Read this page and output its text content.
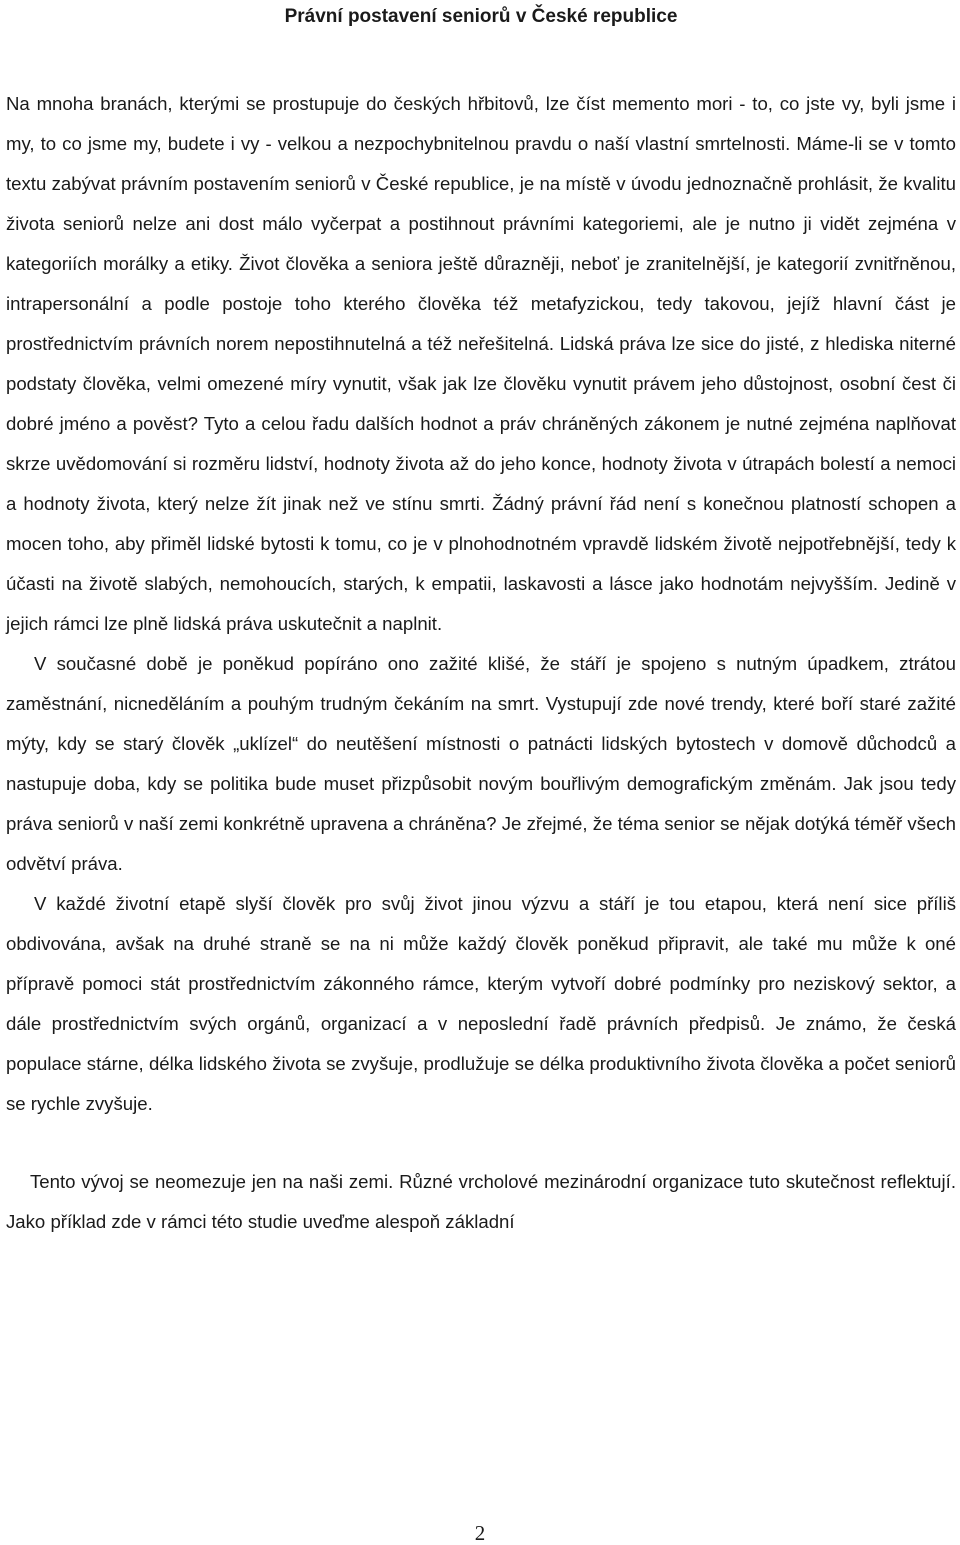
Právní postavení seniorů v České republice

Na mnoha branách, kterými se prostupuje do českých hřbitovů, lze číst memento mori - to, co jste vy, byli jsme i my, to co jsme my, budete i vy - velkou a nezpochybnitelnou pravdu o naší vlastní smrtelnosti. Máme-li se v tomto textu zabývat právním postavením seniorů v České republice, je na místě v úvodu jednoznačně prohlásit, že kvalitu života seniorů nelze ani dost málo vyčerpat a postihnout právními kategoriemi, ale je nutno ji vidět zejména v kategoriích morálky a etiky. Život člověka a seniora ještě důrazněji, neboť je zranitelnější, je kategorií zvnitřněnou, intrapersonální a podle postoje toho kterého člověka též metafyzickou, tedy takovou, jejíž hlavní část je prostřednictvím právních norem nepostihnutelná a též neřešitelná. Lidská práva lze sice do jisté, z hlediska niterné podstaty člověka, velmi omezené míry vynutit, však jak lze člověku vynutit právem jeho důstojnost, osobní čest či dobré jméno a pověst? Tyto a celou řadu dalších hodnot a práv chráněných zákonem je nutné zejména naplňovat skrze uvědomování si rozměru lidství, hodnoty života až do jeho konce, hodnoty života v útrapách bolestí a nemoci a hodnoty života, který nelze žít jinak než ve stínu smrti. Žádný právní řád není s konečnou platností schopen a mocen toho, aby přiměl lidské bytosti k tomu, co je v plnohodnotném vpravdě lidském životě nejpotřebnější, tedy k účasti na životě slabých, nemohoucích, starých, k empatii, laskavosti a lásce jako hodnotám nejvyšším. Jedině v jejich rámci lze plně lidská práva uskutečnit a naplnit.

V současné době je poněkud popíráno ono zažité klišé, že stáří je spojeno s nutným úpadkem, ztrátou zaměstnání, nicneděláním a pouhým trudným čekáním na smrt. Vystupují zde nové trendy, které boří staré zažité mýty, kdy se starý člověk „uklízel“ do neutěšení místnosti o patnácti lidských bytostech v domově důchodců a nastupuje doba, kdy se politika bude muset přizpůsobit novým bouřlivým demografickým změnám. Jak jsou tedy práva seniorů v naší zemi konkrétně upravena a chráněna? Je zřejmé, že téma senior se nějak dotýká téměř všech odvětví práva.

V každé životní etapě slyší člověk pro svůj život jinou výzvu a stáří je tou etapou, která není sice příliš obdivována, avšak na druhé straně se na ni může každý člověk poněkud připravit, ale také mu může k oné přípravě pomoci stát prostřednictvím zákonného rámce, kterým vytvoří dobré podmínky pro neziskový sektor, a dále prostřednictvím svých orgánů, organizací a v neposlední řadě právních předpisů. Je známo, že česká populace stárne, délka lidského života se zvyšuje, prodlužuje se délka produktivního života člověka a počet seniorů se rychle zvyšuje.

Tento vývoj se neomezuje jen na naši zemi. Různé vrcholové mezinárodní organizace tuto skutečnost reflektují. Jako příklad zde v rámci této studie uveďme alespoň základní

2
